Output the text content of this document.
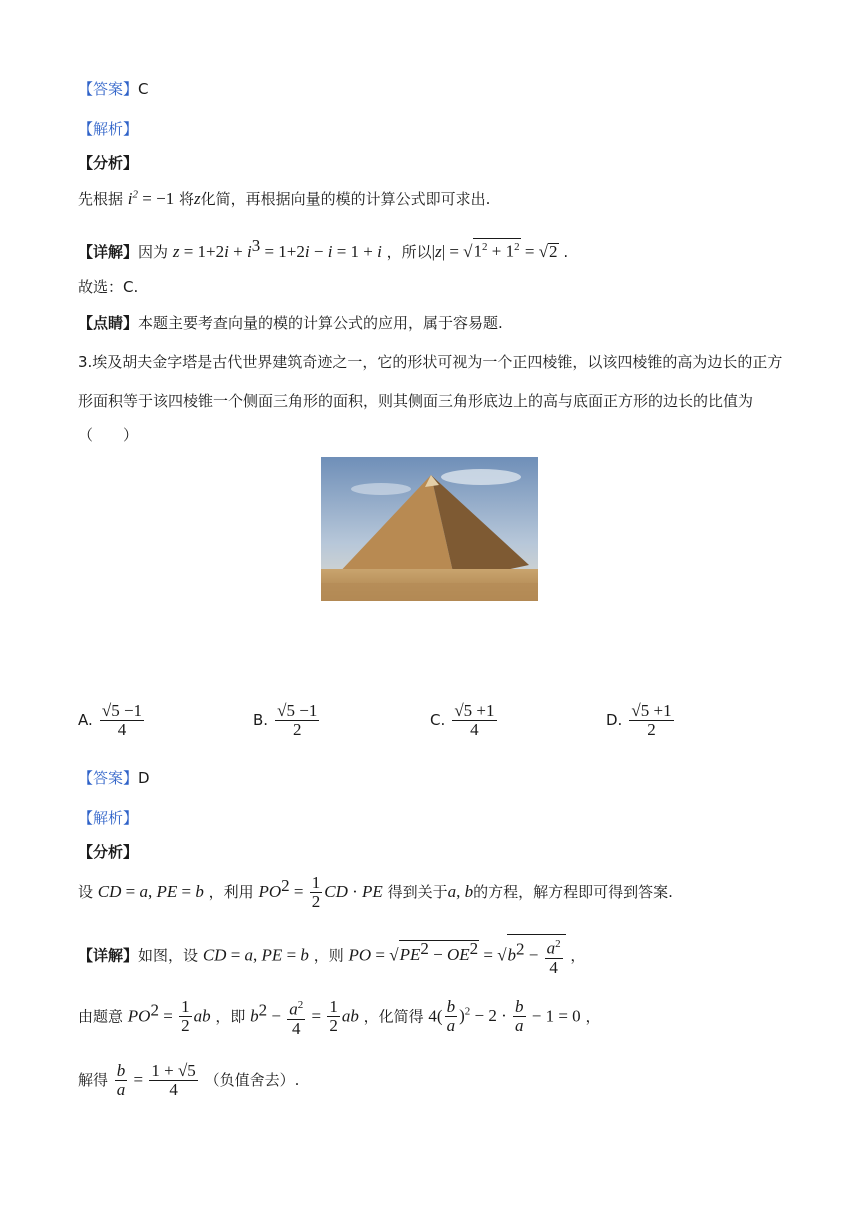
【答案】C
【解析】
【分析】
先根据 $i^2 = -1$ 将z化简，再根据向量的模的计算公式即可求出.
【详解】因为 $z = 1+2i + i^3 = 1+2i - i = 1 + i$ ，所以$|z| = √1^2 + 1^2 = √2$ .
故选：C.
【点睛】本题主要考查向量的模的计算公式的应用，属于容易题.
3.埃及胡夫金字塔是古代世界建筑奇迹之一，它的形状可视为一个正四棱锥，以该四棱锥的高为边长的正方
形面积等于该四棱锥一个侧面三角形的面积，则其侧面三角形底边上的高与底面正方形的边长的比值为
（　　）
A. $\frac{√5 -1}{4}$	B. $\frac{√5 -1}{2}$	C. $\frac{√5 +1}{4}$	D. $\frac{√5 +1}{2}$
【答案】D
【解析】
【分析】
设 CD = a, PE = b ，利用 $PO^2 = \frac{1}{2}$ CD · PE 得到关于a, b的方程，解方程即可得到答案.
【详解】如图，设 CD = a, PE = b ，则 PO = $√PE^2 - OE^2 = √b^2 - \frac{a^2}{4}$ ，
由题意 $PO^2 = \frac{1}{2}$ ab ，即 $b^2 - \frac{a^2}{4} = \frac{1}{2}$ ab ，化简得 $4( \frac{b}{a} )^2 - 2 \cdot \frac{b}{a} - 1 = 0$ ，
解得 $\frac{b}{a} = \frac{1 + √5}{4}$ （负值舍去）.
